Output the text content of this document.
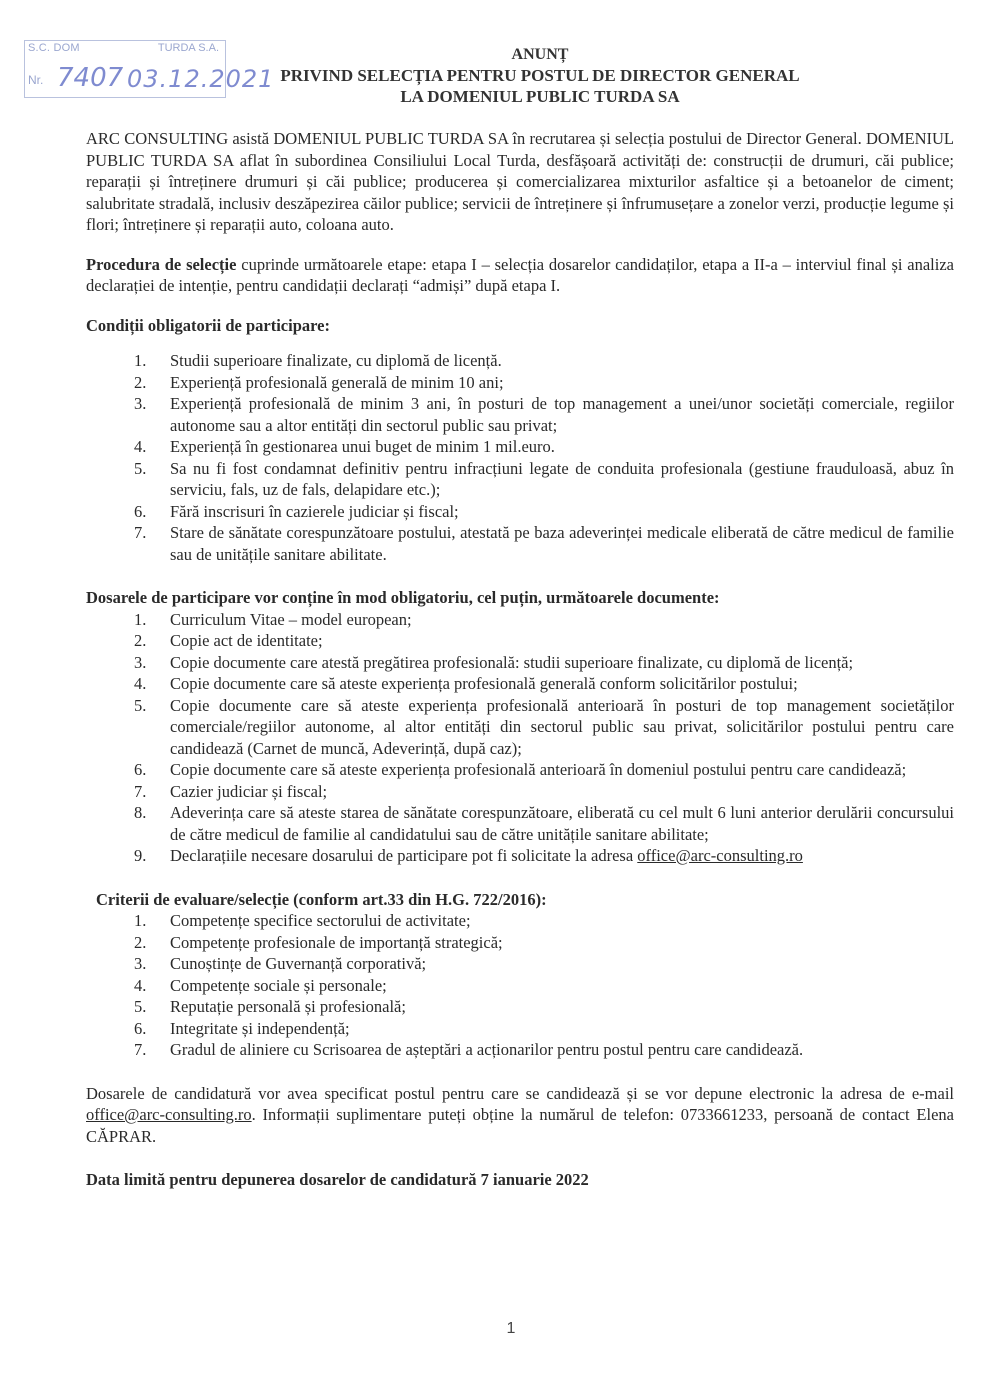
S.C. DOM	TURDA S.A.
Nr. 7407 03.12.2021
ANUNȚ
PRIVIND SELECȚIA PENTRU POSTUL DE DIRECTOR GENERAL
LA DOMENIUL PUBLIC TURDA SA

ARC CONSULTING asistă DOMENIUL PUBLIC TURDA SA în recrutarea și selecția postului de Director General. DOMENIUL PUBLIC TURDA SA aflat în subordinea Consiliului Local Turda, desfășoară activități de: construcții de drumuri, căi publice; reparații și întreținere drumuri și căi publice; producerea și comercializarea mixturilor asfaltice și a betoanelor de ciment; salubritate stradală, inclusiv deszăpezirea căilor publice; servicii de întreținere și înfrumusețare a zonelor verzi, producție legume și flori; întreținere și reparații auto, coloana auto.

Procedura de selecție cuprinde următoarele etape: etapa I – selecția dosarelor candidaților, etapa a II-a – interviul final și analiza declarației de intenție, pentru candidații declarați “admiși” după etapa I.

Condiții obligatorii de participare:

1. Studii superioare finalizate, cu diplomă de licență.
2. Experiență profesională generală de minim 10 ani;
3. Experiență profesională de minim 3 ani, în posturi de top management a unei/unor societăți comerciale, regiilor autonome sau a altor entități din sectorul public sau privat;
4. Experiență în gestionarea unui buget de minim 1 mil.euro.
5. Sa nu fi fost condamnat definitiv pentru infracțiuni legate de conduita profesionala (gestiune frauduloasă, abuz în serviciu, fals, uz de fals, delapidare etc.);
6. Fără inscrisuri în cazierele judiciar și fiscal;
7. Stare de sănătate corespunzătoare postului, atestată pe baza adeverinței medicale eliberată de către medicul de familie sau de unitățile sanitare abilitate.

Dosarele de participare vor conține în mod obligatoriu, cel puțin, următoarele documente:

1. Curriculum Vitae – model european;
2. Copie act de identitate;
3. Copie documente care atestă pregătirea profesională: studii superioare finalizate, cu diplomă de licență;
4. Copie documente care să ateste experiența profesională generală conform solicitărilor postului;
5. Copie documente care să ateste experiența profesională anterioară în posturi de top management societăților comerciale/regiilor autonome, al altor entități din sectorul public sau privat, solicitărilor postului pentru care candidează (Carnet de muncă, Adeverință, după caz);
6. Copie documente care să ateste experiența profesională anterioară în domeniul postului pentru care candidează;
7. Cazier judiciar și fiscal;
8. Adeverința care să ateste starea de sănătate corespunzătoare, eliberată cu cel mult 6 luni anterior derulării concursului de către medicul de familie al candidatului sau de către unitățile sanitare abilitate;
9. Declarațiile necesare dosarului de participare pot fi solicitate la adresa office@arc-consulting.ro

Criterii de evaluare/selecție (conform art.33 din H.G. 722/2016):

1. Competențe specifice sectorului de activitate;
2. Competențe profesionale de importanță strategică;
3. Cunoștințe de Guvernanță corporativă;
4. Competențe sociale și personale;
5. Reputație personală și profesională;
6. Integritate și independență;
7. Gradul de aliniere cu Scrisoarea de așteptări a acționarilor pentru postul pentru care candidează.

Dosarele de candidatură vor avea specificat postul pentru care se candidează și se vor depune electronic la adresa de e-mail office@arc-consulting.ro. Informații suplimentare puteți obține la numărul de telefon: 0733661233, persoană de contact Elena CĂPRAR.

Data limită pentru depunerea dosarelor de candidatură 7 ianuarie 2022

1
